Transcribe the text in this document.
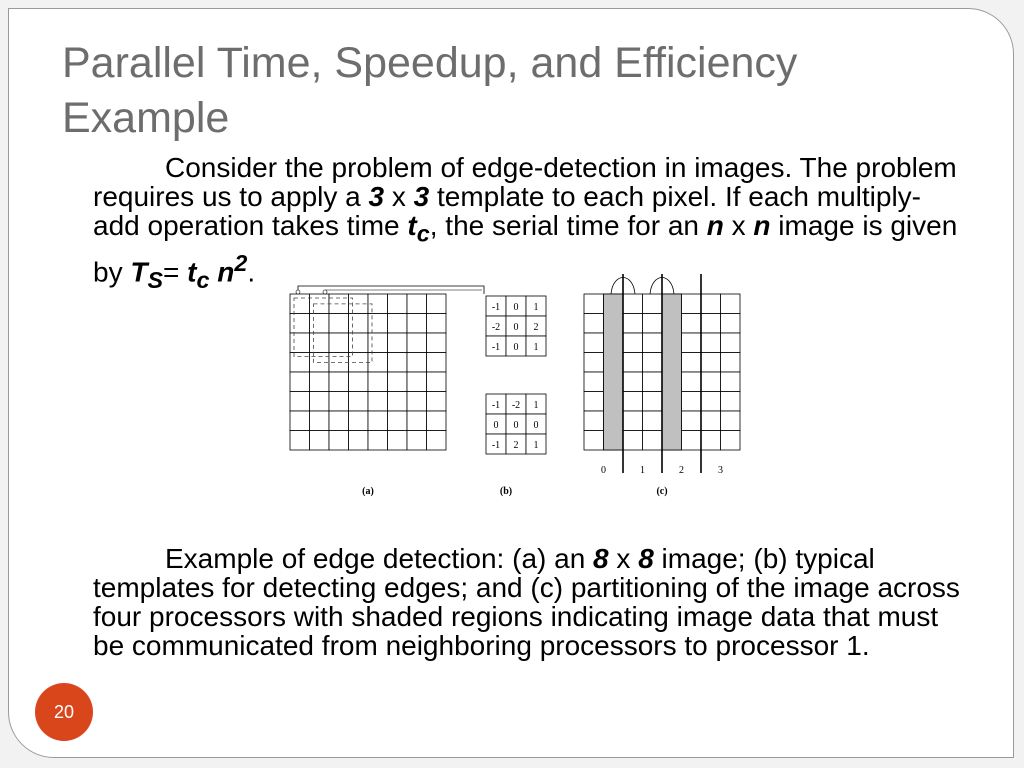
Parallel Time, Speedup, and Efficiency Example

Consider the problem of edge-detection in images. The problem requires us to apply a 3 x 3 template to each pixel. If each multiply-add operation takes time $t_c$, the serial time for an n x n image is given by $T_S= t_c$ $n^2$.

-1 0 1
-2 0 2
-1 0 1
-1 -2 1
0 0 0
-1 2 1
0	1	2	3
(a)	(b)	(c)

Example of edge detection: (a) an 8 x 8 image; (b) typical templates for detecting edges; and (c) partitioning of the image across four processors with shaded regions indicating image data that must be communicated from neighboring processors to processor 1.

20
